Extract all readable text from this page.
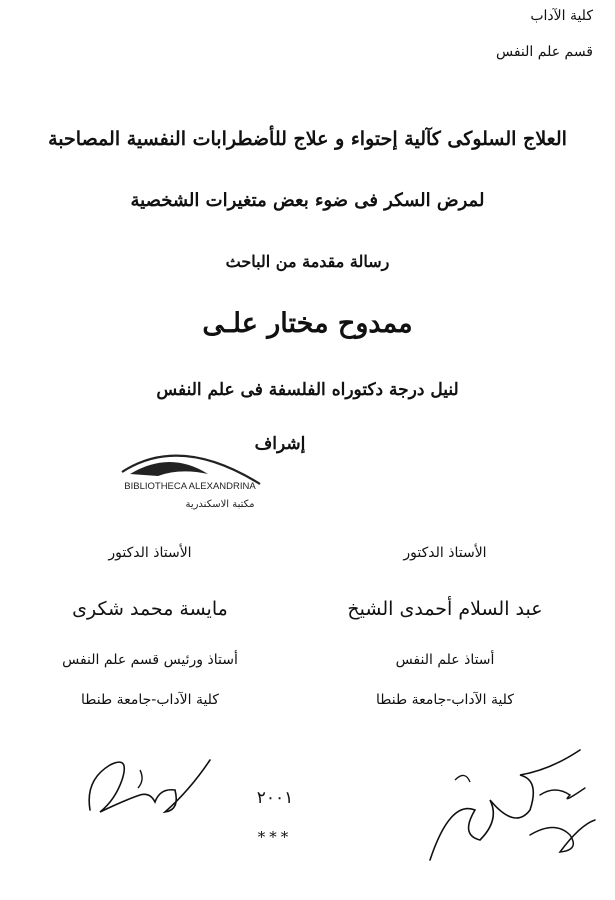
كلية الآداب
قسم علم النفس
العلاج السلوكى كآلية إحتواء و علاج للأضطرابات النفسية المصاحبة
لمرض السكر فى ضوء بعض متغيرات الشخصية
رسالة مقدمة من الباحث
ممدوح مختار علـى
لنيل درجة دكتوراه الفلسفة فى علم النفس
إشراف
BIBLIOTHECA ALEXANDRINA
مكتبة الاسكندرية
الأستاذ الدكتور
عبد السلام أحمدى الشيخ
أستاذ علم النفس
كلية الآداب-جامعة طنطا
الأستاذ الدكتور
مايسة محمد شكرى
أستاذ ورئيس قسم علم النفس
كلية الآداب-جامعة طنطا
٢٠٠١
***
